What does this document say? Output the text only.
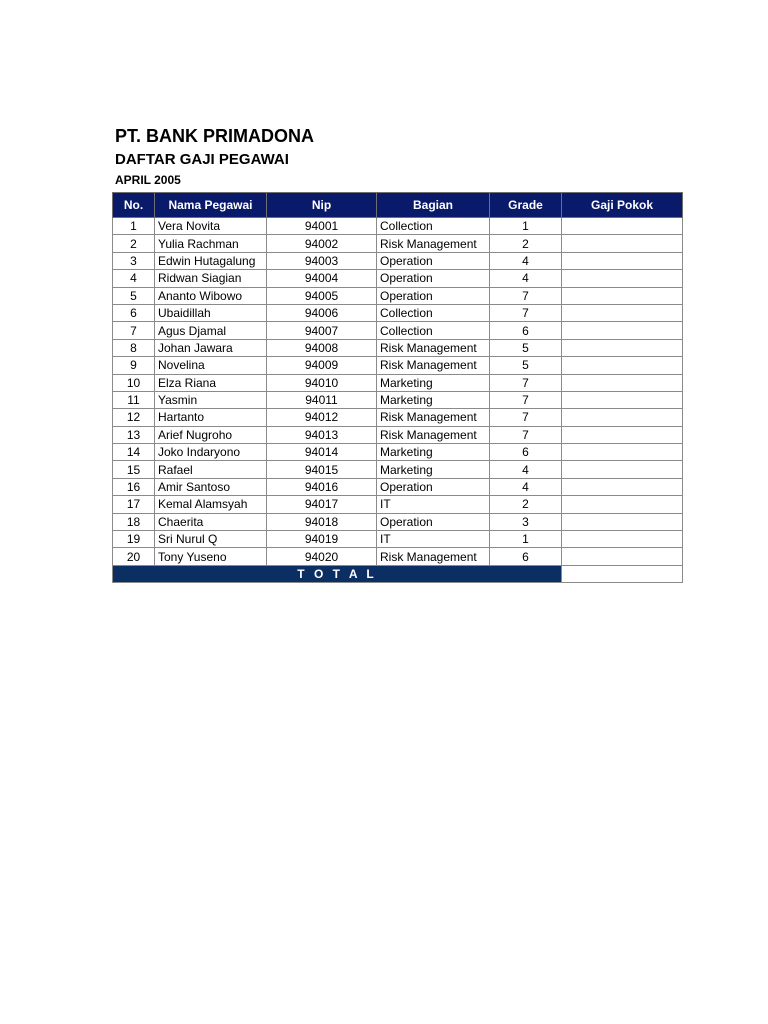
PT. BANK PRIMADONA
DAFTAR GAJI PEGAWAI
APRIL 2005
No.	Nama Pegawai	Nip	Bagian	Grade	Gaji Pokok
1	Vera Novita	94001	Collection	1	
2	Yulia Rachman	94002	Risk Management	2	
3	Edwin Hutagalung	94003	Operation	4	
4	Ridwan Siagian	94004	Operation	4	
5	Ananto Wibowo	94005	Operation	7	
6	Ubaidillah	94006	Collection	7	
7	Agus Djamal	94007	Collection	6	
8	Johan Jawara	94008	Risk Management	5	
9	Novelina	94009	Risk Management	5	
10	Elza Riana	94010	Marketing	7	
11	Yasmin	94011	Marketing	7	
12	Hartanto	94012	Risk Management	7	
13	Arief Nugroho	94013	Risk Management	7	
14	Joko Indaryono	94014	Marketing	6	
15	Rafael	94015	Marketing	4	
16	Amir Santoso	94016	Operation	4	
17	Kemal Alamsyah	94017	IT	2	
18	Chaerita	94018	Operation	3	
19	Sri Nurul Q	94019	IT	1	
20	Tony Yuseno	94020	Risk Management	6	
T O T A L					
